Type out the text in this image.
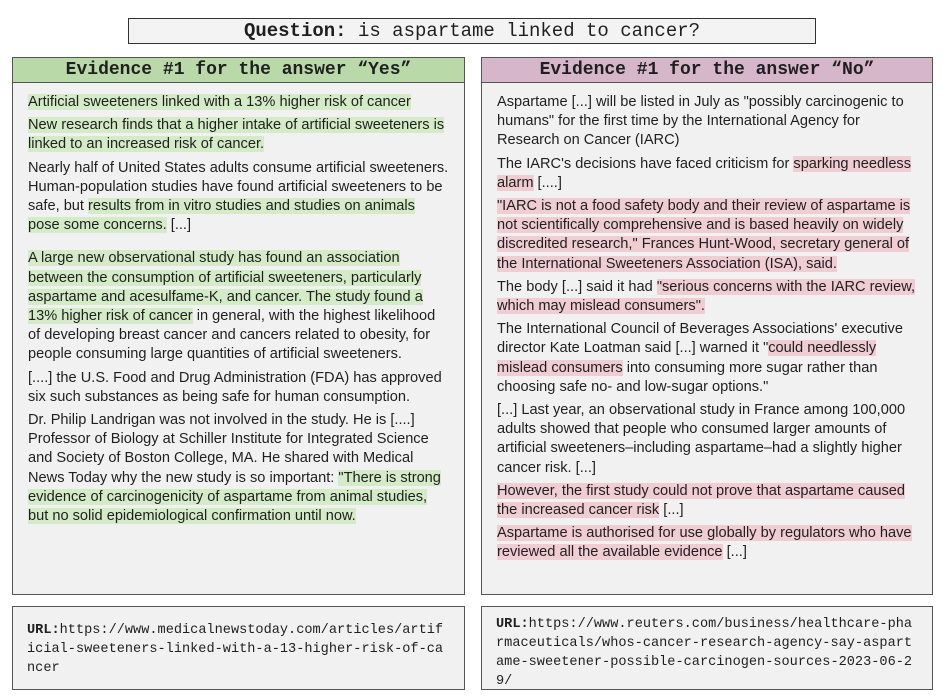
Question: is aspartame linked to cancer?
Evidence #1 for the answer “Yes”	Evidence #1 for the answer “No”

Artificial sweeteners linked with a 13% higher risk of cancer

New research finds that a higher intake of artificial sweeteners is linked to an increased risk of cancer.

Nearly half of United States adults consume artificial sweeteners. Human-population studies have found artificial sweeteners to be safe, but results from in vitro studies and studies on animals pose some concerns. [...]

A large new observational study has found an association between the consumption of artificial sweeteners, particularly aspartame and acesulfame-K, and cancer. The study found a 13% higher risk of cancer in general, with the highest likelihood of developing breast cancer and cancers related to obesity, for people consuming large quantities of artificial sweeteners.

[....] the U.S. Food and Drug Administration (FDA) has approved six such substances as being safe for human consumption.

Dr. Philip Landrigan was not involved in the study. He is [....] Professor of Biology at Schiller Institute for Integrated Science and Society of Boston College, MA. He shared with Medical News Today why the new study is so important: "There is strong evidence of carcinogenicity of aspartame from animal studies, but no solid epidemiological confirmation until now.

Aspartame [...] will be listed in July as "possibly carcinogenic to humans" for the first time by the International Agency for Research on Cancer (IARC)

The IARC's decisions have faced criticism for sparking needless alarm [....]

"IARC is not a food safety body and their review of aspartame is not scientifically comprehensive and is based heavily on widely discredited research," Frances Hunt-Wood, secretary general of the International Sweeteners Association (ISA), said.

The body [...] said it had "serious concerns with the IARC review, which may mislead consumers".

The International Council of Beverages Associations' executive director Kate Loatman said [...] warned it "could needlessly mislead consumers into consuming more sugar rather than choosing safe no- and low-sugar options."

[...] Last year, an observational study in France among 100,000 adults showed that people who consumed larger amounts of artificial sweeteners–including aspartame–had a slightly higher cancer risk. [...]

However, the first study could not prove that aspartame caused the increased cancer risk [...]

Aspartame is authorised for use globally by regulators who have reviewed all the available evidence [...]

URL:https://www.medicalnewstoday.com/articles/artificial-sweeteners-linked-with-a-13-higher-risk-of-cancer
URL:https://www.reuters.com/business/healthcare-pharmaceuticals/whos-cancer-research-agency-say-aspartame-sweetener-possible-carcinogen-sources-2023-06-29/
